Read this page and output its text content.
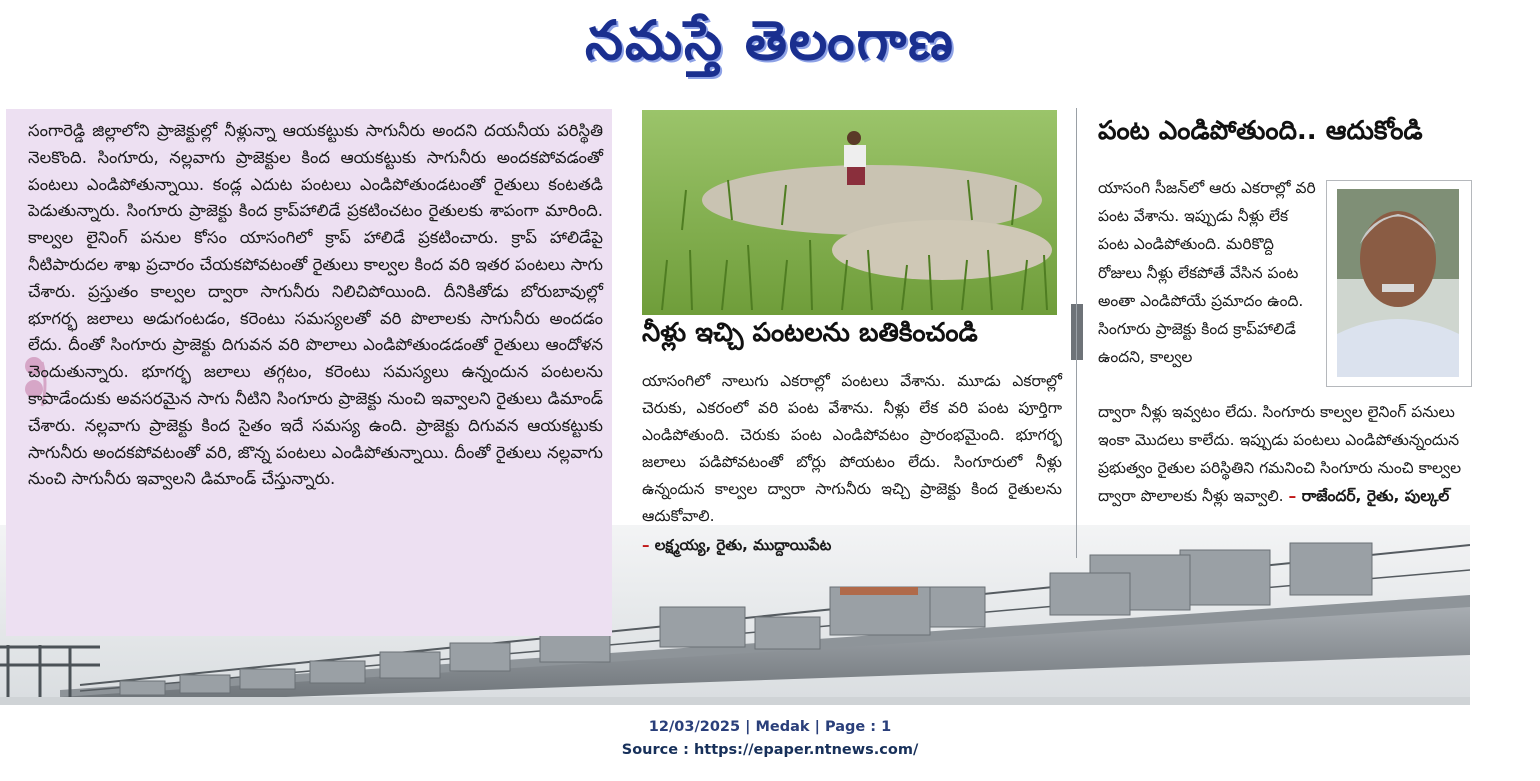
నమస్తే తెలంగాణ

సంగారెడ్డి జిల్లాలోని ప్రాజెక్టుల్లో నీళ్లున్నా ఆయకట్టుకు సాగునీరు అందని దయనీయ పరిస్థితి నెలకొంది. సింగూరు, నల్లవాగు ప్రాజెక్టుల కింద ఆయకట్టుకు సాగునీరు అందకపోవడంతో పంటలు ఎండిపోతున్నాయి. కండ్ల ఎదుట పంటలు ఎండిపోతుండటంతో రైతులు కంటతడి పెడుతున్నారు. సింగూరు ప్రాజెక్టు కింద క్రాప్‌హాలిడే ప్రకటించటం రైతులకు శాపంగా మారింది. కాల్వల లైనింగ్ పనుల కోసం యాసంగిలో క్రాప్ హాలిడే ప్రకటించారు. క్రాప్ హాలిడేపై నీటిపారుదల శాఖ ప్రచారం చేయకపోవటంతో రైతులు కాల్వల కింద వరి ఇతర పంటలు సాగు చేశారు. ప్రస్తుతం కాల్వల ద్వారా సాగునీరు నిలిచిపోయింది. దీనికితోడు బోరుబావుల్లో భూగర్భ జలాలు అడుగంటడం, కరెంటు సమస్యలతో వరి పొలాలకు సాగునీరు అందడం లేదు. దీంతో సింగూరు ప్రాజెక్టు దిగువన వరి పొలాలు ఎండిపోతుండడంతో రైతులు ఆందోళన చెందుతున్నారు. భూగర్భ జలాలు తగ్గటం, కరెంటు సమస్యలు ఉన్నందున పంటలను కాపాడేందుకు అవసరమైన సాగు నీటిని సింగూరు ప్రాజెక్టు నుంచి ఇవ్వాలని రైతులు డిమాండ్ చేశారు. నల్లవాగు ప్రాజెక్టు కింద సైతం ఇదే సమస్య ఉంది. ప్రాజెక్టు దిగువన ఆయకట్టుకు సాగునీరు అందకపోవటంతో వరి, జొన్న పంటలు ఎండిపోతున్నాయి. దీంతో రైతులు నల్లవాగు నుంచి సాగునీరు ఇవ్వాలని డిమాండ్ చేస్తున్నారు.

నీళ్లు ఇచ్చి పంటలను బతికించండి

యాసంగిలో నాలుగు ఎకరాల్లో పంటలు వేశాను. మూడు ఎకరాల్లో చెరుకు, ఎకరంలో వరి పంట వేశాను. నీళ్లు లేక వరి పంట పూర్తిగా ఎండిపోతుంది. చెరుకు పంట ఎండిపోవటం ప్రారంభమైంది. భూగర్భ జలాలు పడిపోవటంతో బోర్లు పోయటం లేదు. సింగూరులో నీళ్లు ఉన్నందున కాల్వల ద్వారా సాగునీరు ఇచ్చి ప్రాజెక్టు కింద రైతులను ఆదుకోవాలి.

– లక్ష్మయ్య, రైతు, ముద్దాయిపేట
పంట ఎండిపోతుంది.. ఆదుకోండి

యాసంగి సీజన్‌లో ఆరు ఎకరాల్లో వరి పంట వేశాను. ఇప్పుడు నీళ్లు లేక పంట ఎండిపోతుంది. మరికొద్ది రోజులు నీళ్లు లేకపోతే వేసిన పంట అంతా ఎండిపోయే ప్రమాదం ఉంది. సింగూరు ప్రాజెక్టు కింద క్రాప్‌హాలిడే ఉందని, కాల్వల

ద్వారా నీళ్లు ఇవ్వటం లేదు. సింగూరు కాల్వల లైనింగ్ పనులు ఇంకా మొదలు కాలేదు. ఇప్పుడు పంటలు ఎండిపోతున్నందున ప్రభుత్వం రైతుల పరిస్థితిని గమనించి సింగూరు నుంచి కాల్వల ద్వారా పొలాలకు నీళ్లు ఇవ్వాలి. – రాజేందర్, రైతు, పుల్కల్

12/03/2025 | Medak | Page : 1
Source : https://epaper.ntnews.com/
